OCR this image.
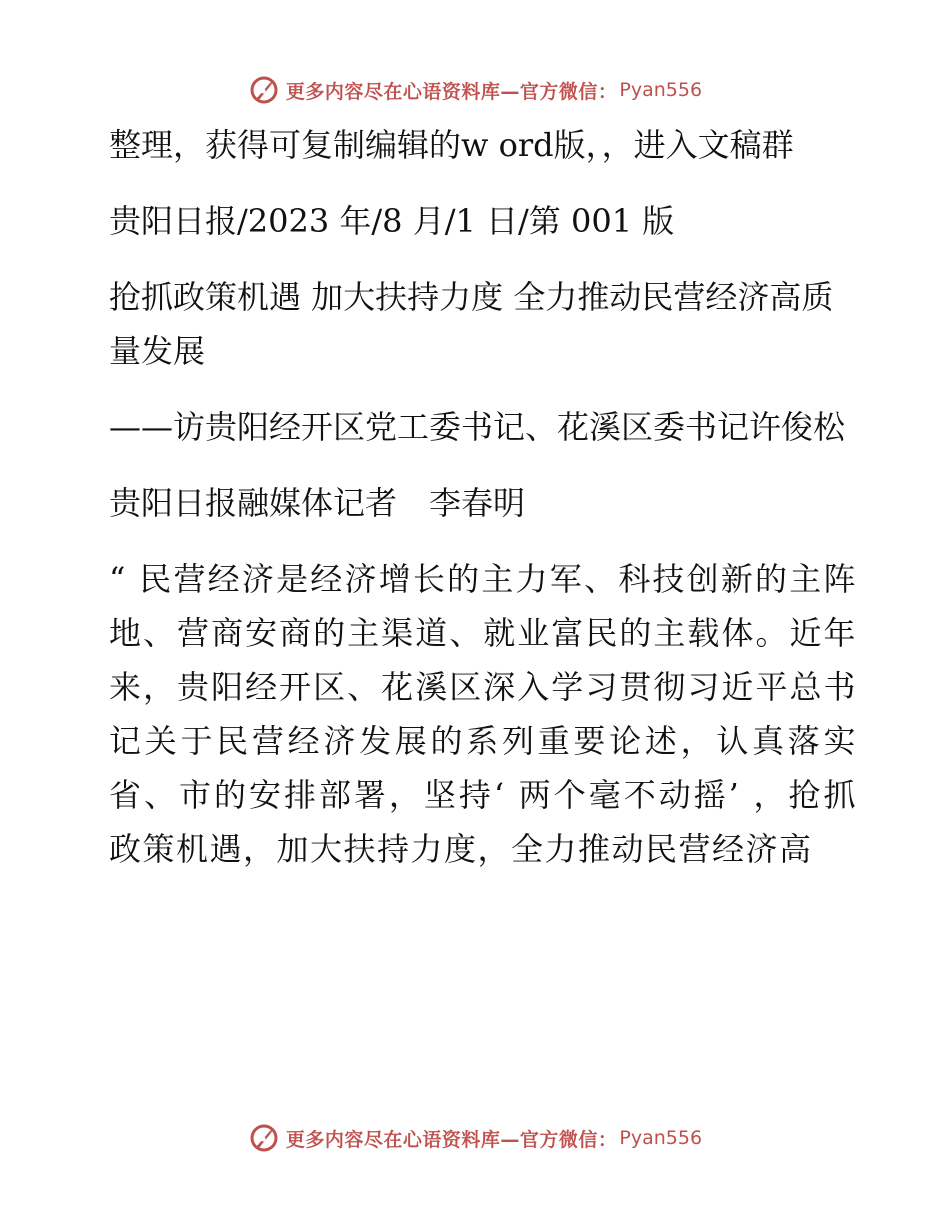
更多内容尽在心语资料库—官方微信： Pyan556

整理，获得可复制编辑的w ord版，，进入文稿群

贵阳日报/2023 年/8 月/1 日/第 001 版

抢抓政策机遇 加大扶持力度 全力推动民营经济高质量发展

——访贵阳经开区党工委书记、花溪区委书记许俊松

贵阳日报融媒体记者　李春明

“ 民营经济是经济增长的主力军、科技创新的主阵地、营商安商的主渠道、就业富民的主载体。近年来，贵阳经开区、花溪区深入学习贯彻习近平总书记关于民营经济发展的系列重要论述，认真落实省、市的安排部署，坚持‘ 两个毫不动摇’ ，抢抓政策机遇，加大扶持力度，全力推动民营经济高

更多内容尽在心语资料库—官方微信： Pyan556
